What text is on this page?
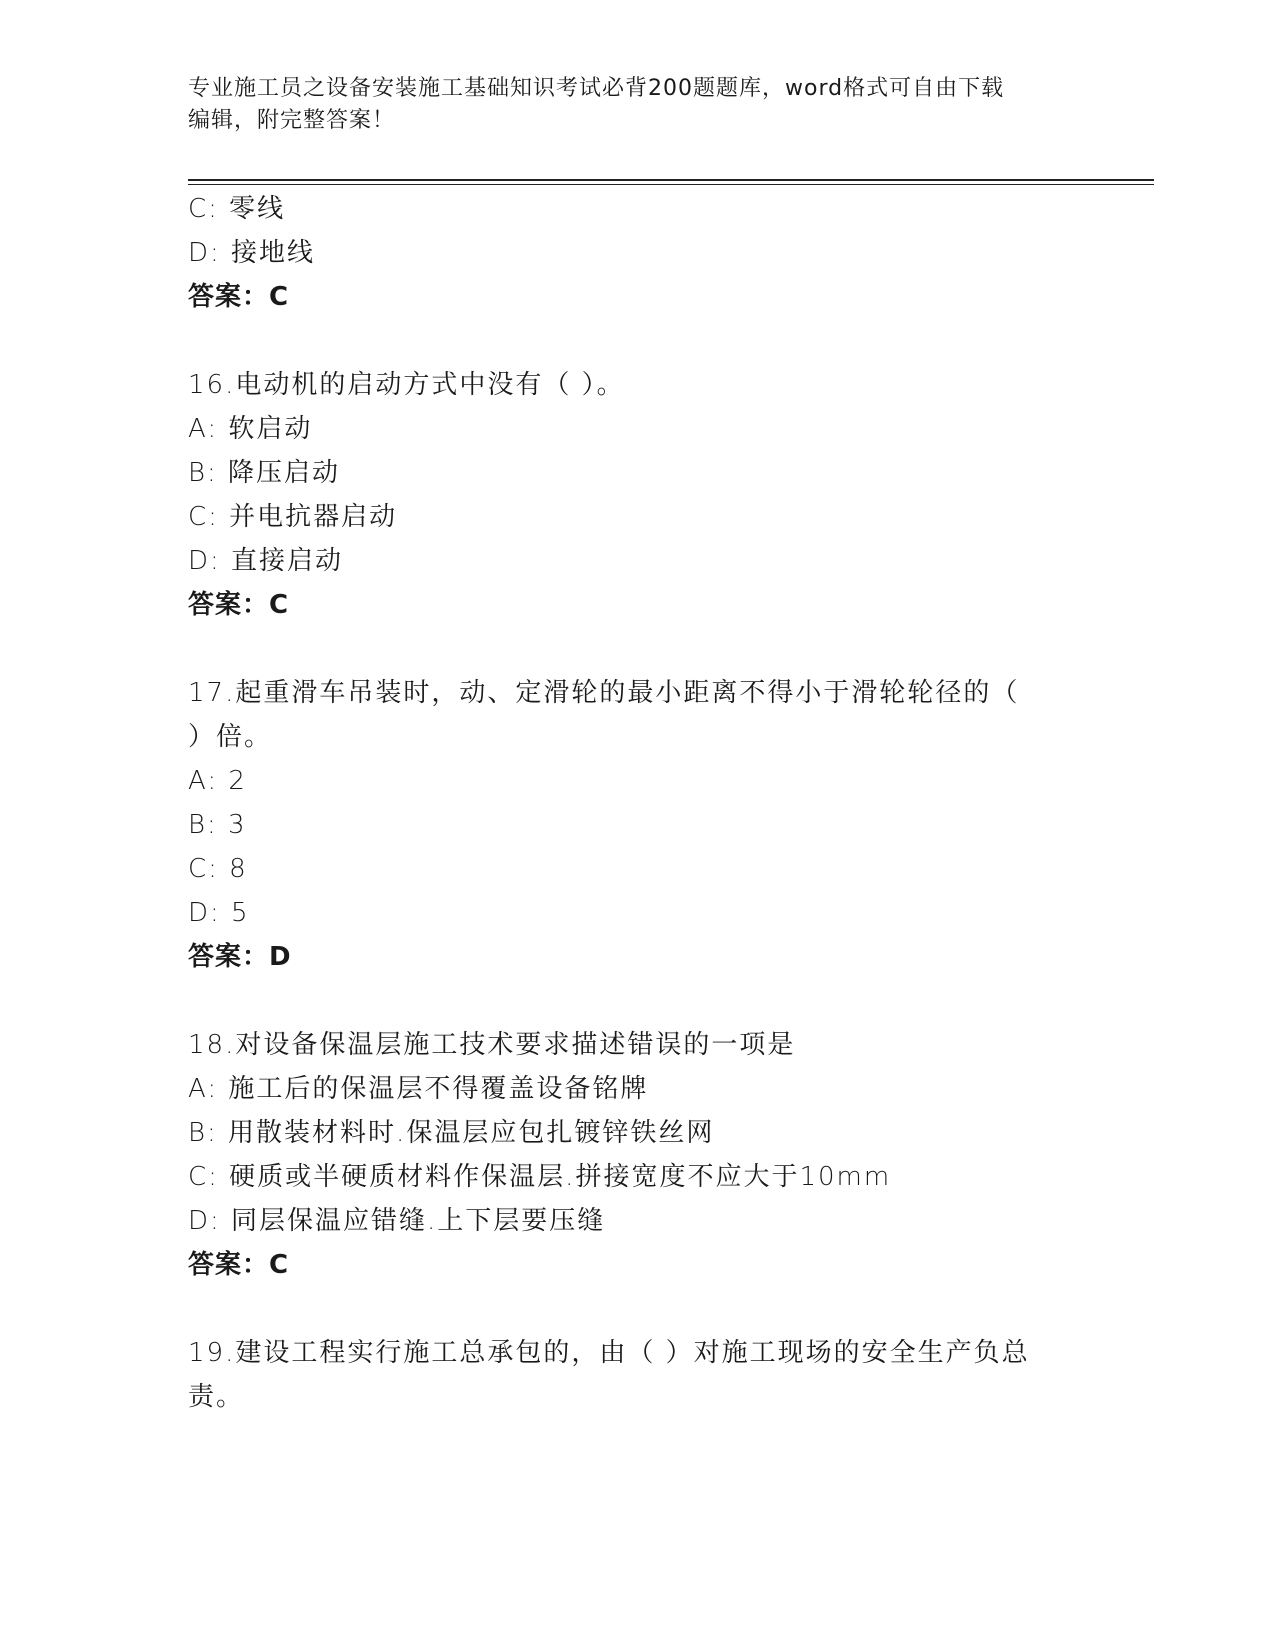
专业施工员之设备安装施工基础知识考试必背200题题库，word格式可自由下载
编辑，附完整答案！
C: 零线
D: 接地线
答案：C
16.电动机的启动方式中没有（ ）。
A: 软启动
B: 降压启动
C: 并电抗器启动
D: 直接启动
答案：C
17.起重滑车吊装时，动、定滑轮的最小距离不得小于滑轮轮径的（
）倍。
A: 2
B: 3
C: 8
D: 5
答案：D
18.对设备保温层施工技术要求描述错误的一项是
A: 施工后的保温层不得覆盖设备铭牌
B: 用散装材料时.保温层应包扎镀锌铁丝网
C: 硬质或半硬质材料作保温层.拼接宽度不应大于10mm
D: 同层保温应错缝.上下层要压缝
答案：C
19.建设工程实行施工总承包的，由（ ）对施工现场的安全生产负总
责。
